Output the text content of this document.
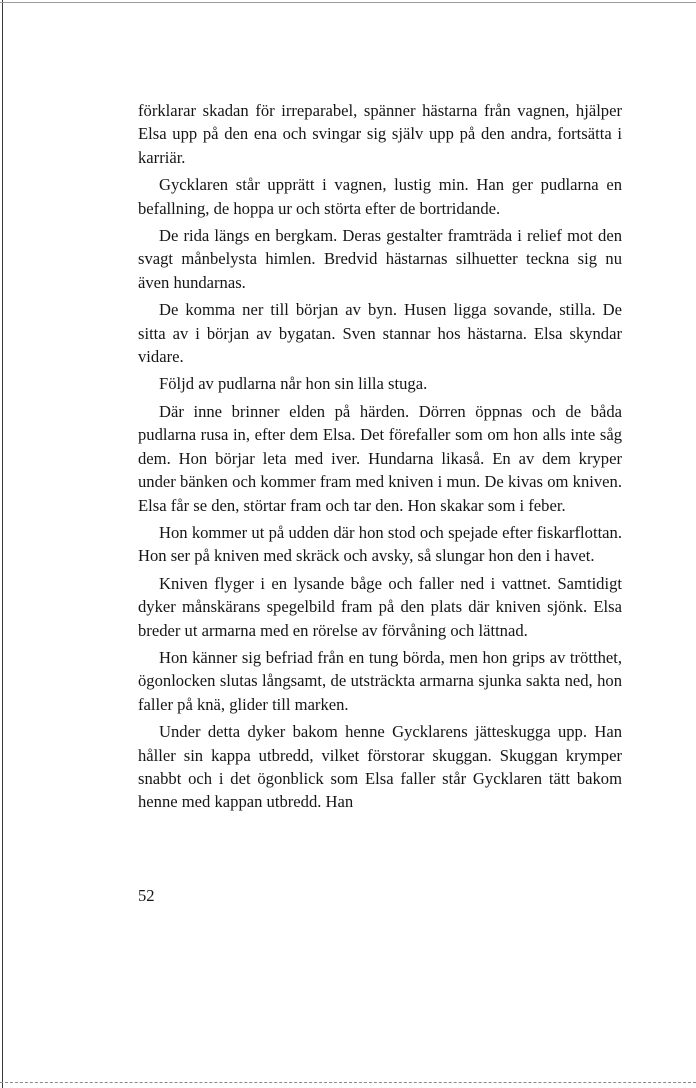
förklarar skadan för irreparabel, spänner hästarna från vagnen, hjälper Elsa upp på den ena och svingar sig själv upp på den andra, fortsätta i karriär.

Gycklaren står upprätt i vagnen, lustig min. Han ger pudlarna en befallning, de hoppa ur och störta efter de bortridande.

De rida längs en bergkam. Deras gestalter framträda i relief mot den svagt månbelysta himlen. Bredvid hästarnas silhuetter teckna sig nu även hundarnas.

De komma ner till början av byn. Husen ligga sovande, stilla. De sitta av i början av bygatan. Sven stannar hos hästarna. Elsa skyndar vidare.

Följd av pudlarna når hon sin lilla stuga.

Där inne brinner elden på härden. Dörren öppnas och de båda pudlarna rusa in, efter dem Elsa. Det förefaller som om hon alls inte såg dem. Hon börjar leta med iver. Hundarna likaså. En av dem kryper under bänken och kommer fram med kniven i mun. De kivas om kniven. Elsa får se den, störtar fram och tar den. Hon skakar som i feber.

Hon kommer ut på udden där hon stod och spejade efter fiskarflottan. Hon ser på kniven med skräck och avsky, så slungar hon den i havet.

Kniven flyger i en lysande båge och faller ned i vattnet. Samtidigt dyker månskärans spegelbild fram på den plats där kniven sjönk. Elsa breder ut armarna med en rörelse av förvåning och lättnad.

Hon känner sig befriad från en tung börda, men hon grips av trötthet, ögonlocken slutas långsamt, de utsträckta armarna sjunka sakta ned, hon faller på knä, glider till marken.

Under detta dyker bakom henne Gycklarens jätteskugga upp. Han håller sin kappa utbredd, vilket förstorar skuggan. Skuggan krymper snabbt och i det ögonblick som Elsa faller står Gycklaren tätt bakom henne med kappan utbredd. Han

52
